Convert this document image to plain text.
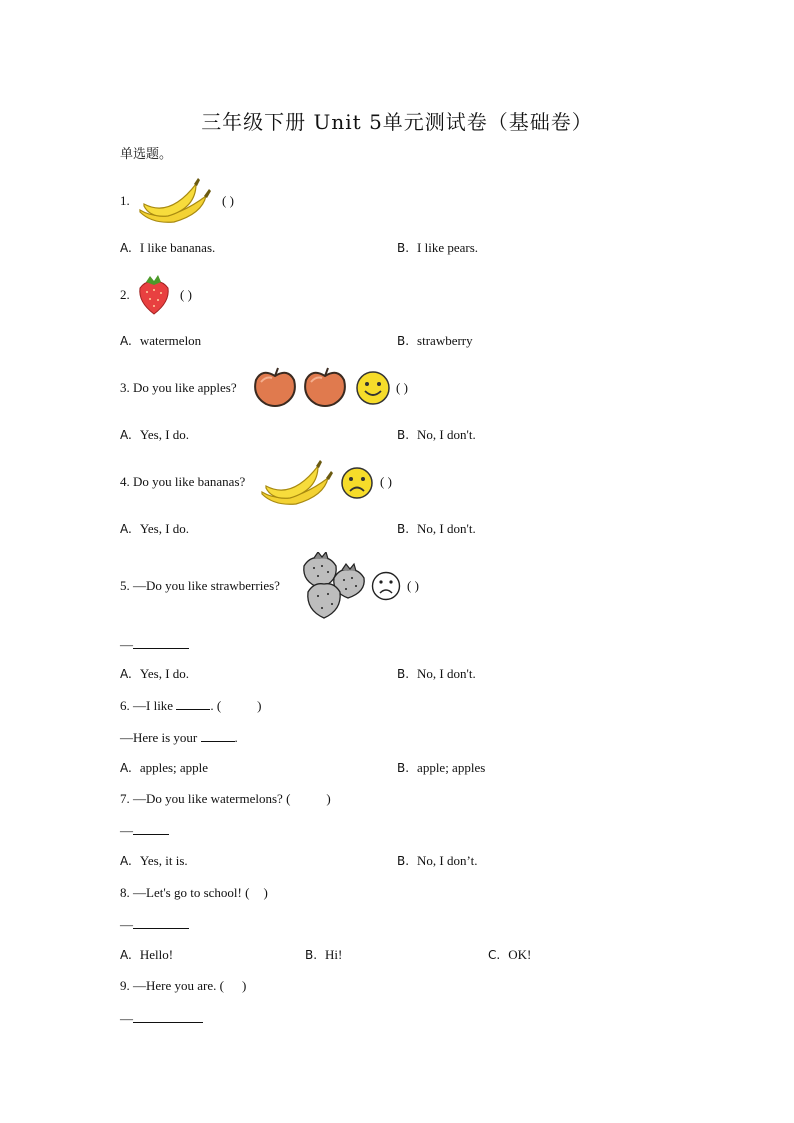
三年级下册 Unit 5单元测试卷（基础卷）
单选题。
1.	( )
A. I like bananas.	B. I like pears.
2.	( )
A. watermelon	B. strawberry
3. Do you like apples?	( )
A. Yes, I do.	B. No, I don't.
4. Do you like bananas?	( )
A. Yes, I do.	B. No, I don't.
5. —Do you like strawberries?	( )
—
A. Yes, I do.	B. No, I don't.
6. —I like	. (	)
—Here is your	.
A. apples; apple	B. apple; apples
7. —Do you like watermelons? (	)
—
A. Yes, it is.	B. No, I don’t.
8. —Let's go to school! ( )
—
A. Hello!	B. Hi!	C. OK!
9. —Here you are. ( )
—
